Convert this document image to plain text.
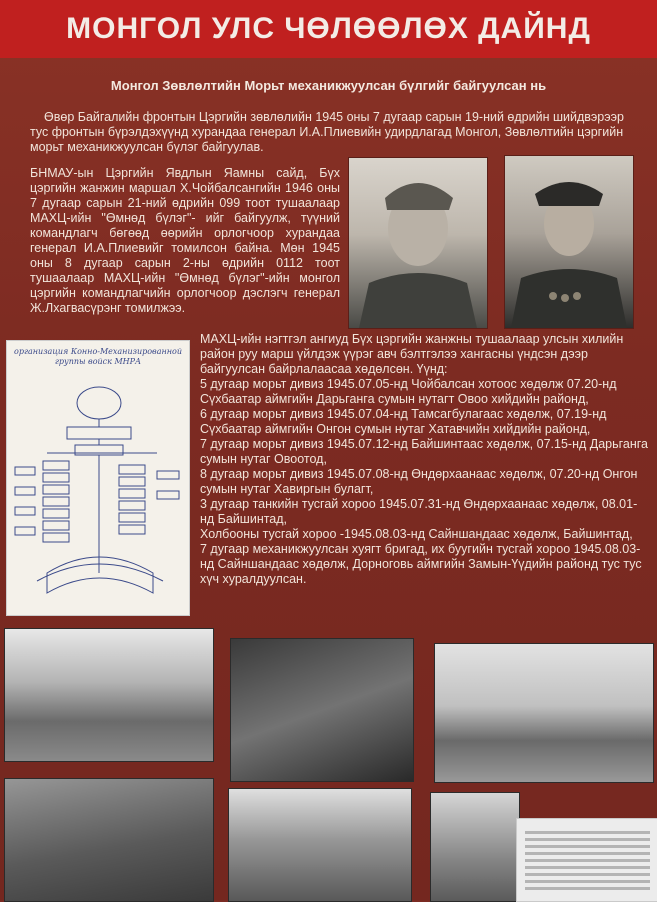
МОНГОЛ УЛС ЧӨЛӨӨЛӨХ ДАЙНД
Монгол Зөвлөлтийн Морьт механикжуулсан бүлгийг байгуулсан нь

Өвөр Байгалийн фронтын Цэргийн зөвлөлийн 1945 оны 7 дугаар сарын 19-ний өдрийн шийдвэрээр тус фронтын бүрэлдэхүүнд хурандаа генерал И.А.Плиевийн удирдлагад Монгол, Зөвлөлтийн цэргийн морьт механикжуулсан бүлэг байгуулав.

БНМАУ-ын Цэргийн Явдлын Яамны сайд, Бүх цэргийн жанжин маршал Х.Чойбалсангийн 1946 оны 7 дугаар сарын 21-ний өдрийн 099 тоот тушаалаар МАХЦ-ийн "Өмнөд бүлэг"- ийг байгуулж, түүний командлагч бөгөөд өөрийн орлогчоор хурандаа генерал И.А.Плиевийг томилсон байна. Мөн 1945 оны 8 дугаар сарын 2-ны өдрийн 0112 тоот тушаалаар МАХЦ-ийн "Өмнөд бүлэг"-ийн монгол цэргийн командлагчийн орлогчоор дэслэгч генерал Ж.Лхагвасүрэнг томилжээ.

организация Конно-Механизированной
группы войск МНРА
МАХЦ-ийн нэгтгэл ангиуд Бүх цэргийн жанжны тушаалаар улсын хилийн район руу марш үйлдэж үүрэг авч бэлтгэлээ хангасны үндсэн дээр байгуулсан байрлалаасаа хөдөлсөн. Үүнд:
5 дугаар морьт дивиз 1945.07.05-нд Чойбалсан хотоос хөдөлж 07.20-нд Сүхбаатар аймгийн Дарьганга сумын нутагт Овоо хийдийн районд,
6 дугаар морьт дивиз 1945.07.04-нд Тамсагбулагаас хөдөлж, 07.19-нд Сүхбаатар аймгийн Онгон сумын нутаг Хатавчийн хийдийн районд,
7 дугаар морьт дивиз 1945.07.12-нд Байшинтаас хөдөлж, 07.15-нд Дарьганга сумын нутаг Овоотод,
8 дугаар морьт дивиз 1945.07.08-нд Өндөрхаанаас хөдөлж, 07.20-нд Онгон сумын нутаг Хавиргын булагт,
3 дугаар танкийн тусгай хороо 1945.07.31-нд Өндөрхаанаас хөдөлж, 08.01-нд Байшинтад,
Холбооны тусгай хороо -1945.08.03-нд Сайншандаас хөдөлж, Байшинтад,
7 дугаар механикжуулсан хуягт бригад, их буугийн тусгай хороо 1945.08.03-нд Сайншандаас хөдөлж, Дорноговь аймгийн Замын-Үүдийн районд тус тус хүч хуралдуулсан.
